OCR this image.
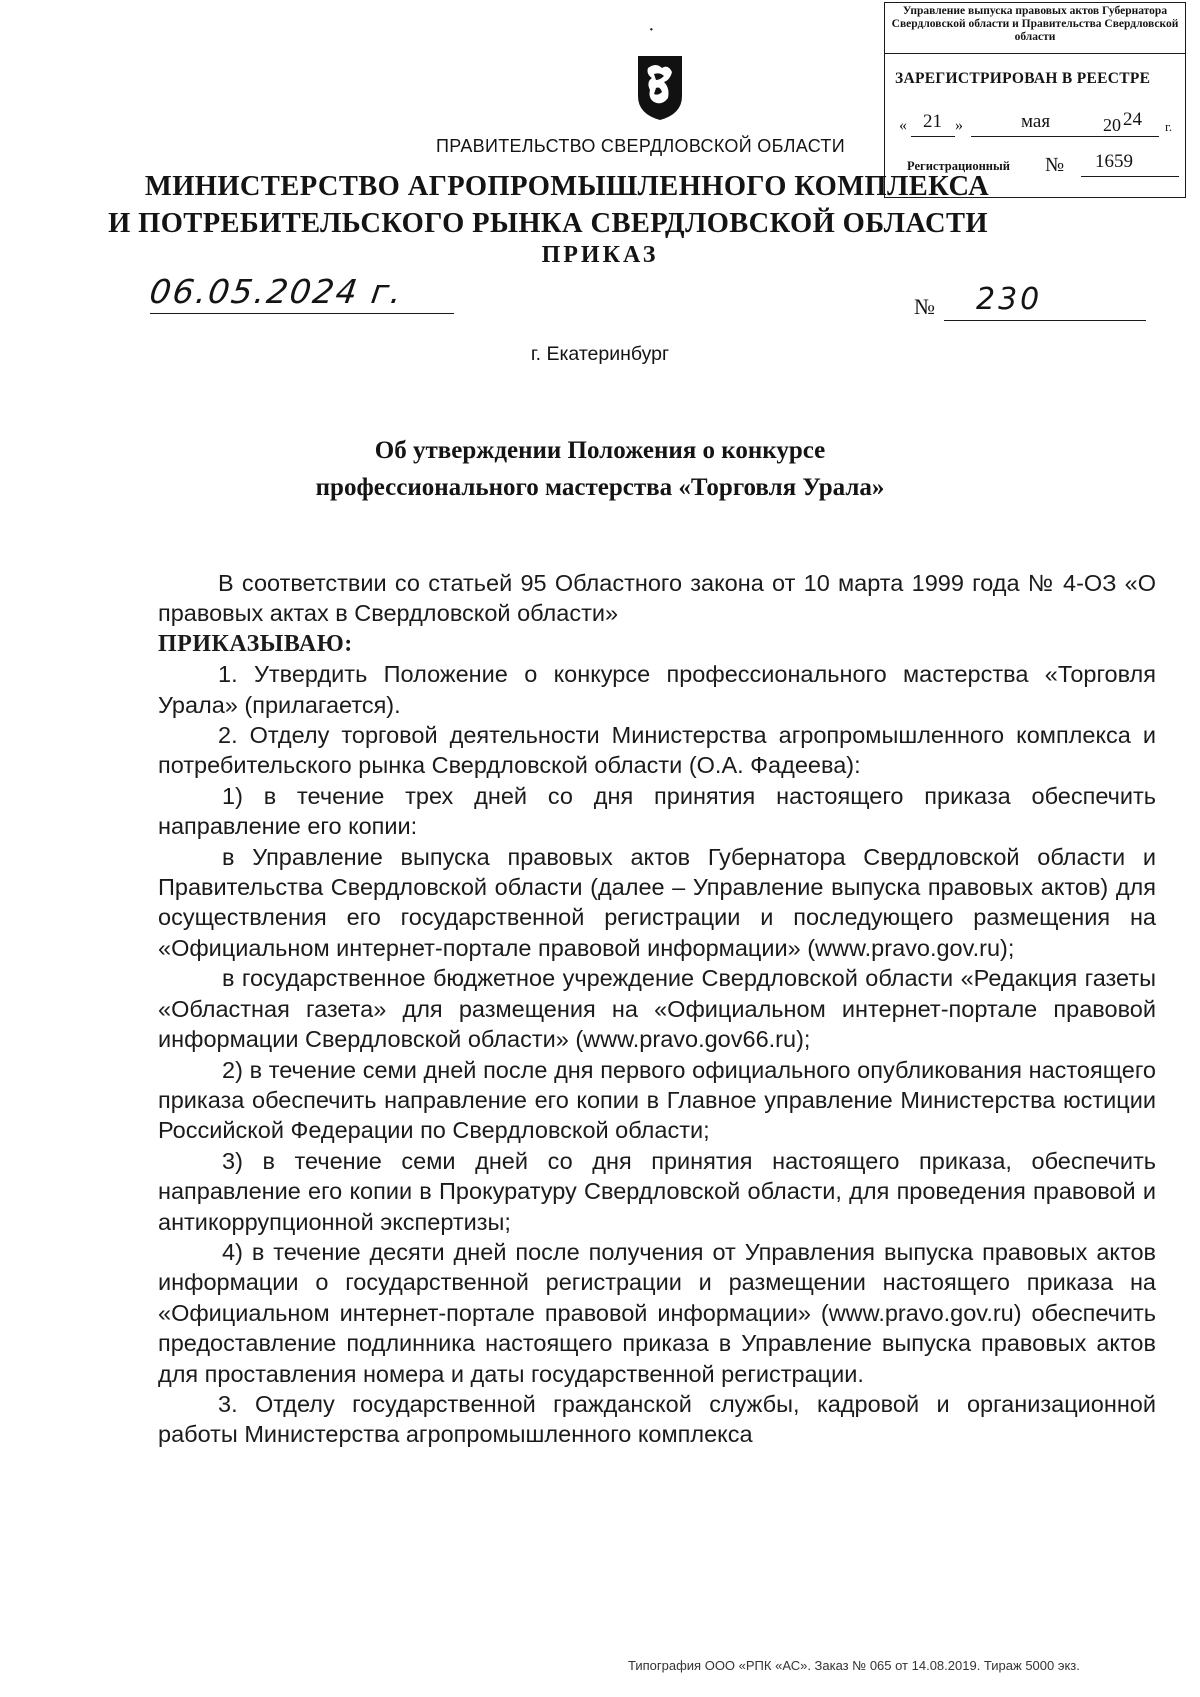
·
Управление выпуска правовых актов Губернатора Свердловской области и Правительства Свердловской области
ЗАРЕГИСТРИРОВАН В РЕЕСТРЕ
« 21 »	мая	20 24 г.
Регистрационный № 1659
ПРАВИТЕЛЬСТВО СВЕРДЛОВСКОЙ ОБЛАСТИ
МИНИСТЕРСТВО АГРОПРОМЫШЛЕННОГО КОМПЛЕКСА
И ПОТРЕБИТЕЛЬСКОГО РЫНКА СВЕРДЛОВСКОЙ ОБЛАСТИ
ПРИКАЗ
06.05.2024 г.	№ 230
г. Екатеринбург
Об утверждении Положения о конкурсе
профессионального мастерства «Торговля Урала»

В соответствии со статьей 95 Областного закона от 10 марта 1999 года № 4-ОЗ «О правовых актах в Свердловской области»

ПРИКАЗЫВАЮ:

1. Утвердить Положение о конкурсе профессионального мастерства «Торговля Урала» (прилагается).

2. Отделу торговой деятельности Министерства агропромышленного комплекса и потребительского рынка Свердловской области (О.А. Фадеева):

1) в течение трех дней со дня принятия настоящего приказа обеспечить направление его копии:

в Управление выпуска правовых актов Губернатора Свердловской области и Правительства Свердловской области (далее – Управление выпуска правовых актов) для осуществления его государственной регистрации и последующего размещения на «Официальном интернет-портале правовой информации» (www.pravo.gov.ru);

в государственное бюджетное учреждение Свердловской области «Редакция газеты «Областная газета» для размещения на «Официальном интернет-портале правовой информации Свердловской области» (www.pravo.gov66.ru);

2) в течение семи дней после дня первого официального опубликования настоящего приказа обеспечить направление его копии в Главное управление Министерства юстиции Российской Федерации по Свердловской области;

3) в течение семи дней со дня принятия настоящего приказа, обеспечить направление его копии в Прокуратуру Свердловской области, для проведения правовой и антикоррупционной экспертизы;

4) в течение десяти дней после получения от Управления выпуска правовых актов информации о государственной регистрации и размещении настоящего приказа на «Официальном интернет-портале правовой информации» (www.pravo.gov.ru) обеспечить предоставление подлинника настоящего приказа в Управление выпуска правовых актов для проставления номера и даты государственной регистрации.

3. Отделу государственной гражданской службы, кадровой и организационной работы Министерства агропромышленного комплекса

Типография ООО «РПК «АС». Заказ № 065 от 14.08.2019. Тираж 5000 экз.
